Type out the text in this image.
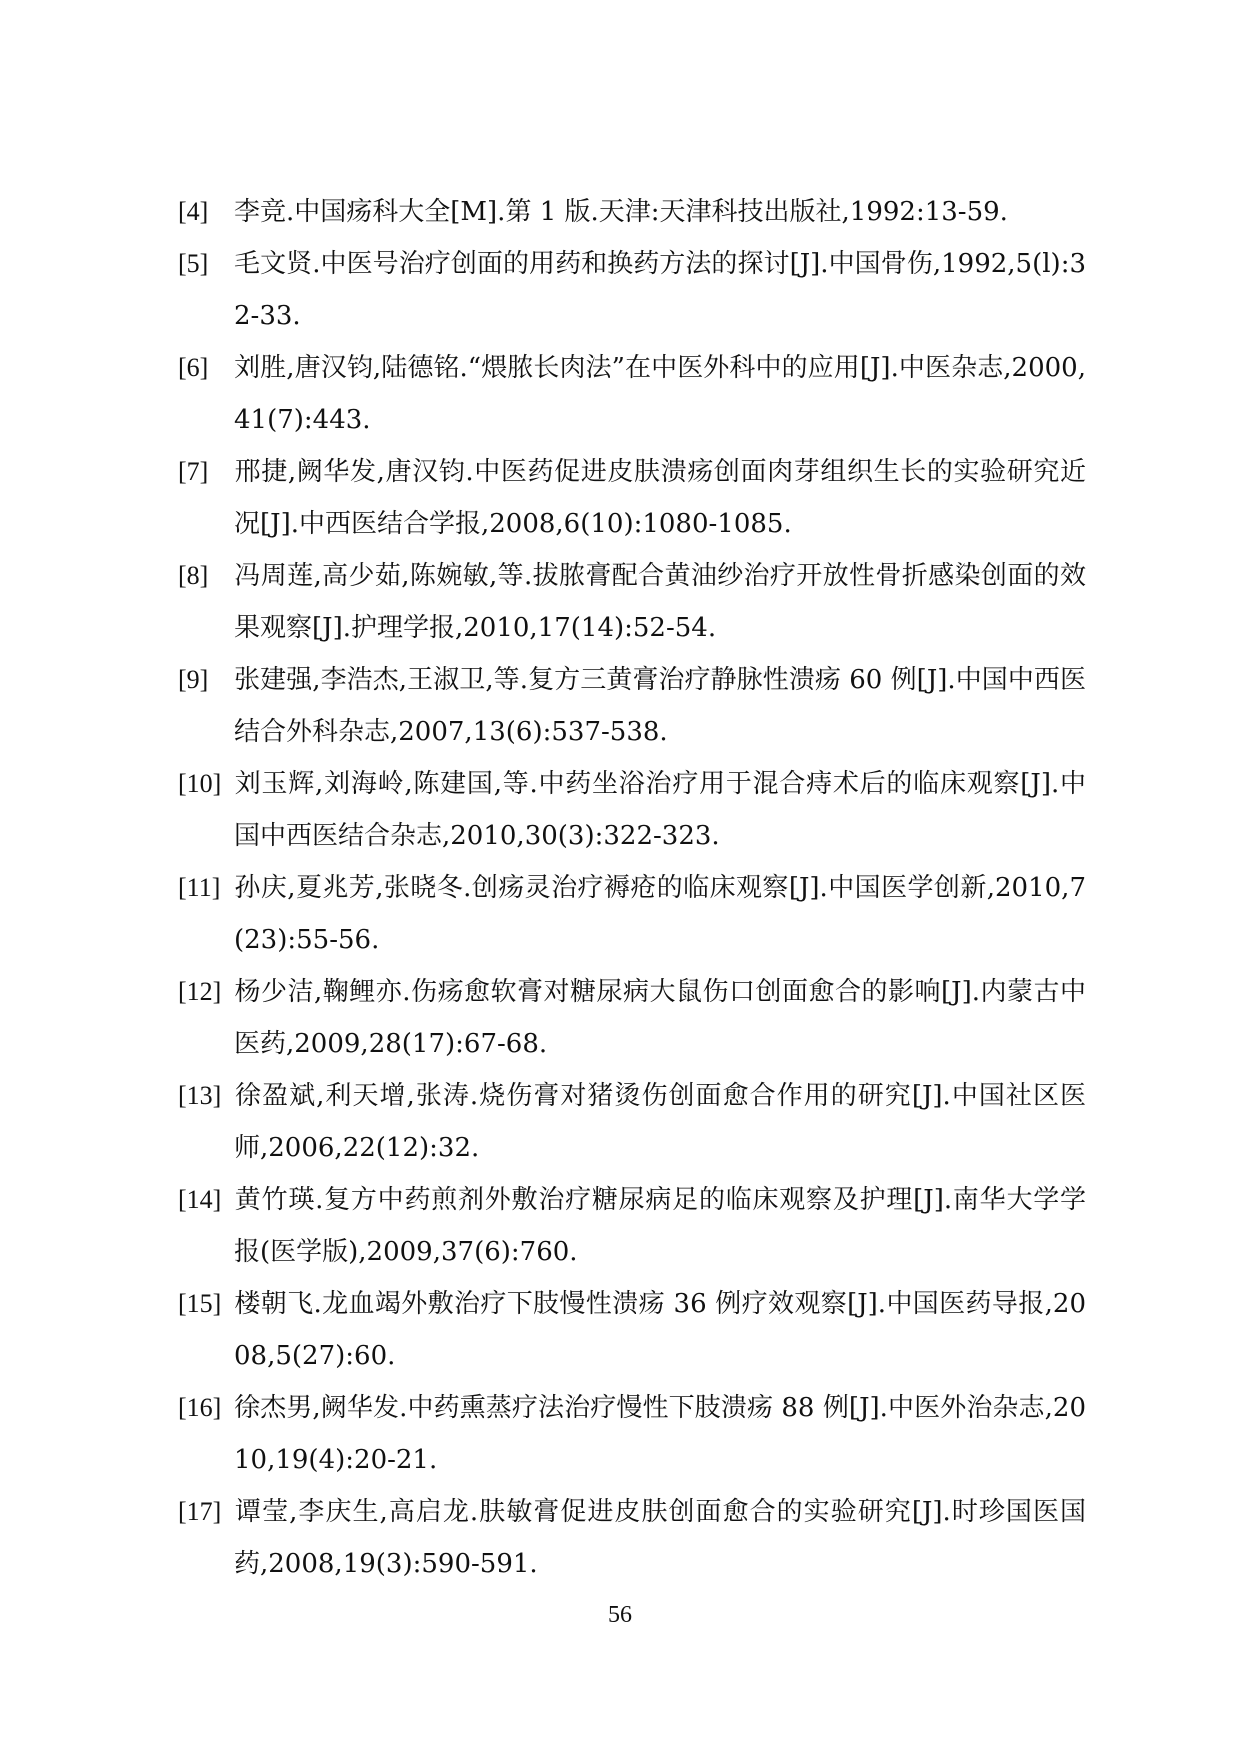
[4] 李竞.中国疡科大全[M].第 1 版.天津:天津科技出版社,1992:13-59.
[5] 毛文贤.中医号治疗创面的用药和换药方法的探讨[J].中国骨伤,1992,5(l):32-33.
[6] 刘胜,唐汉钧,陆德铭.“煨脓长肉法”在中医外科中的应用[J].中医杂志,2000,41(7):443.
[7] 邢捷,阙华发,唐汉钧.中医药促进皮肤溃疡创面肉芽组织生长的实验研究近况[J].中西医结合学报,2008,6(10):1080-1085.
[8] 冯周莲,高少茹,陈婉敏,等.拔脓膏配合黄油纱治疗开放性骨折感染创面的效果观察[J].护理学报,2010,17(14):52-54.
[9] 张建强,李浩杰,王淑卫,等.复方三黄膏治疗静脉性溃疡 60 例[J].中国中西医结合外科杂志,2007,13(6):537-538.
[10] 刘玉辉,刘海岭,陈建国,等.中药坐浴治疗用于混合痔术后的临床观察[J].中国中西医结合杂志,2010,30(3):322-323.
[11] 孙庆,夏兆芳,张晓冬.创疡灵治疗褥疮的临床观察[J].中国医学创新,2010,7(23):55-56.
[12] 杨少洁,鞠鲤亦.伤疡愈软膏对糖尿病大鼠伤口创面愈合的影响[J].内蒙古中医药,2009,28(17):67-68.
[13] 徐盈斌,利天增,张涛.烧伤膏对猪烫伤创面愈合作用的研究[J].中国社区医师,2006,22(12):32.
[14] 黄竹瑛.复方中药煎剂外敷治疗糖尿病足的临床观察及护理[J].南华大学学报(医学版),2009,37(6):760.
[15] 楼朝飞.龙血竭外敷治疗下肢慢性溃疡 36 例疗效观察[J].中国医药导报,2008,5(27):60.
[16] 徐杰男,阙华发.中药熏蒸疗法治疗慢性下肢溃疡 88 例[J].中医外治杂志,2010,19(4):20-21.
[17] 谭莹,李庆生,高启龙.肤敏膏促进皮肤创面愈合的实验研究[J].时珍国医国药,2008,19(3):590-591.
56
